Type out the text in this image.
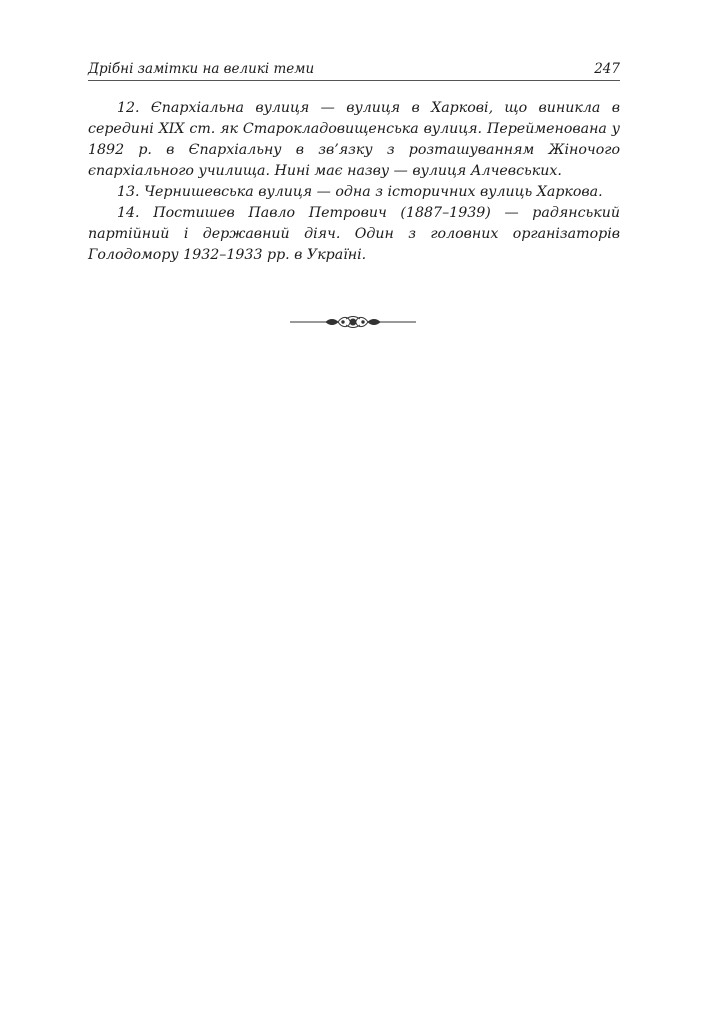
Дрібні замітки на великі теми	247

12. Єпархіальна вулиця — вулиця в Харкові, що виникла в середині XIX ст. як Старокладовищенська вулиця. Перейменована у 1892 р. в Єпархіальну в зв’язку з розташуванням Жіночого єпархіального училища. Нині має назву — вулиця Алчевських.

13. Чернишевська вулиця — одна з історичних вулиць Харкова.

14. Постишев Павло Петрович (1887–1939) — радянський партійний і державний діяч. Один з головних організаторів Голодомору 1932–1933 рр. в Україні.
